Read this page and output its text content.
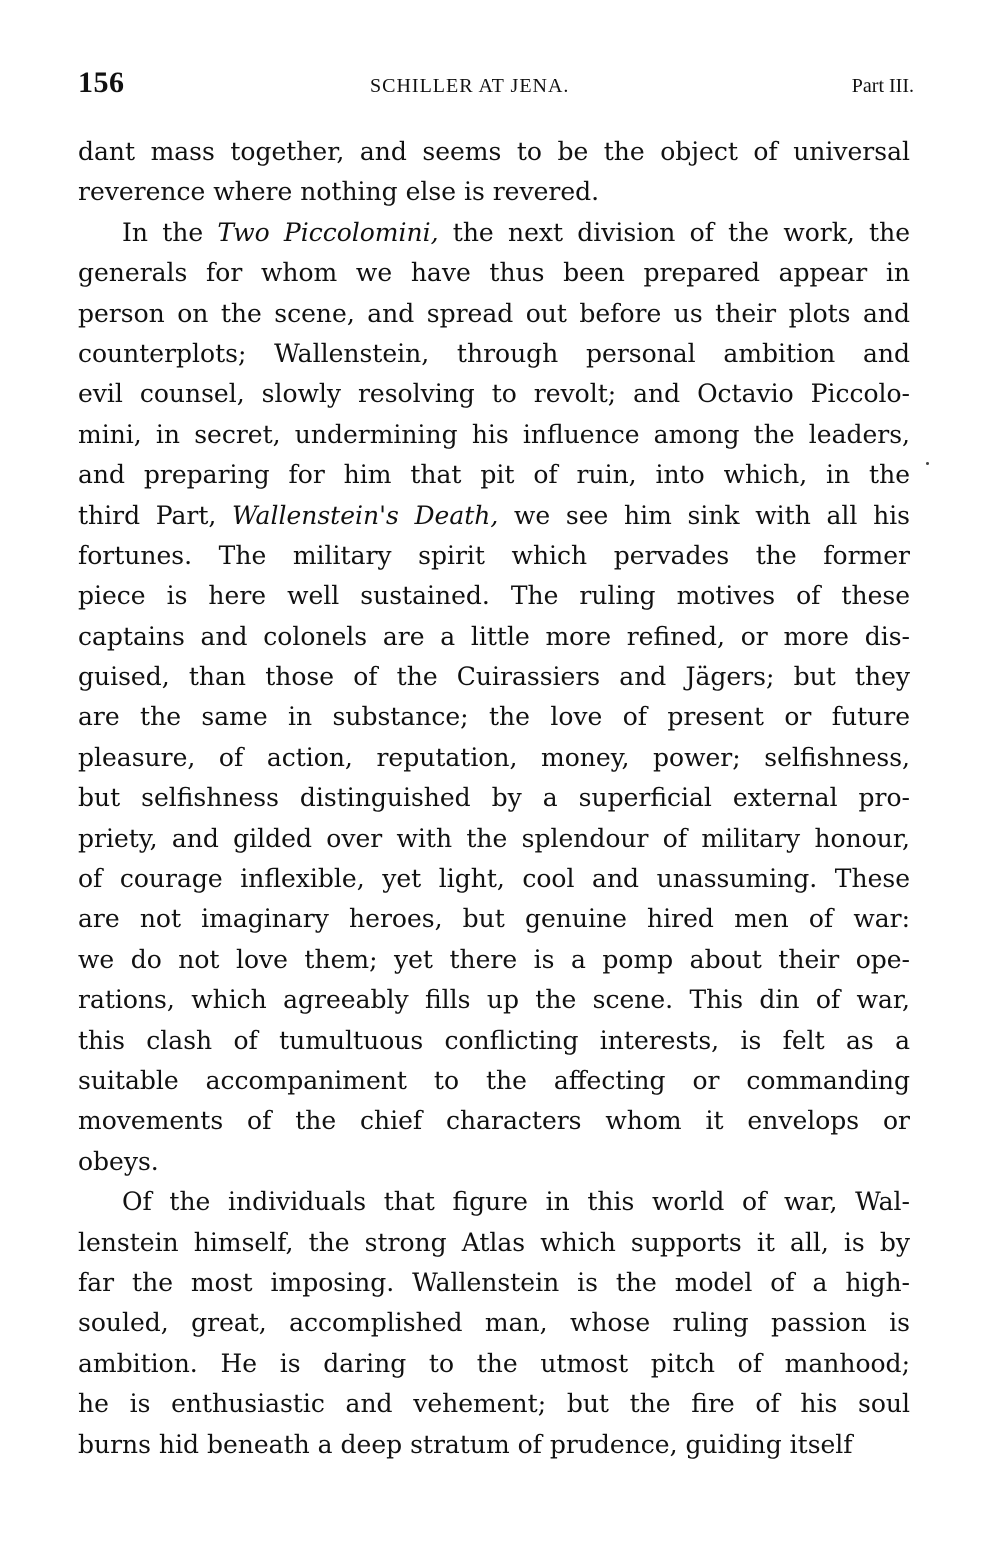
156	SCHILLER AT JENA.	Part III.
dant mass together, and seems to be the object of universal
reverence where nothing else is revered.
In the Two Piccolomini, the next division of the work, the
generals for whom we have thus been prepared appear in
person on the scene, and spread out before us their plots and
counterplots; Wallenstein, through personal ambition and
evil counsel, slowly resolving to revolt; and Octavio Piccolo-
mini, in secret, undermining his influence among the leaders,
and preparing for him that pit of ruin, into which, in the
third Part, Wallenstein's Death, we see him sink with all his
fortunes. The military spirit which pervades the former
piece is here well sustained. The ruling motives of these
captains and colonels are a little more refined, or more dis-
guised, than those of the Cuirassiers and Jägers; but they
are the same in substance; the love of present or future
pleasure, of action, reputation, money, power; selfishness,
but selfishness distinguished by a superficial external pro-
priety, and gilded over with the splendour of military honour,
of courage inflexible, yet light, cool and unassuming. These
are not imaginary heroes, but genuine hired men of war:
we do not love them; yet there is a pomp about their ope-
rations, which agreeably fills up the scene. This din of war,
this clash of tumultuous conflicting interests, is felt as a
suitable accompaniment to the affecting or commanding
movements of the chief characters whom it envelops or
obeys.
Of the individuals that figure in this world of war, Wal-
lenstein himself, the strong Atlas which supports it all, is by
far the most imposing. Wallenstein is the model of a high-
souled, great, accomplished man, whose ruling passion is
ambition. He is daring to the utmost pitch of manhood;
he is enthusiastic and vehement; but the fire of his soul
burns hid beneath a deep stratum of prudence, guiding itself
